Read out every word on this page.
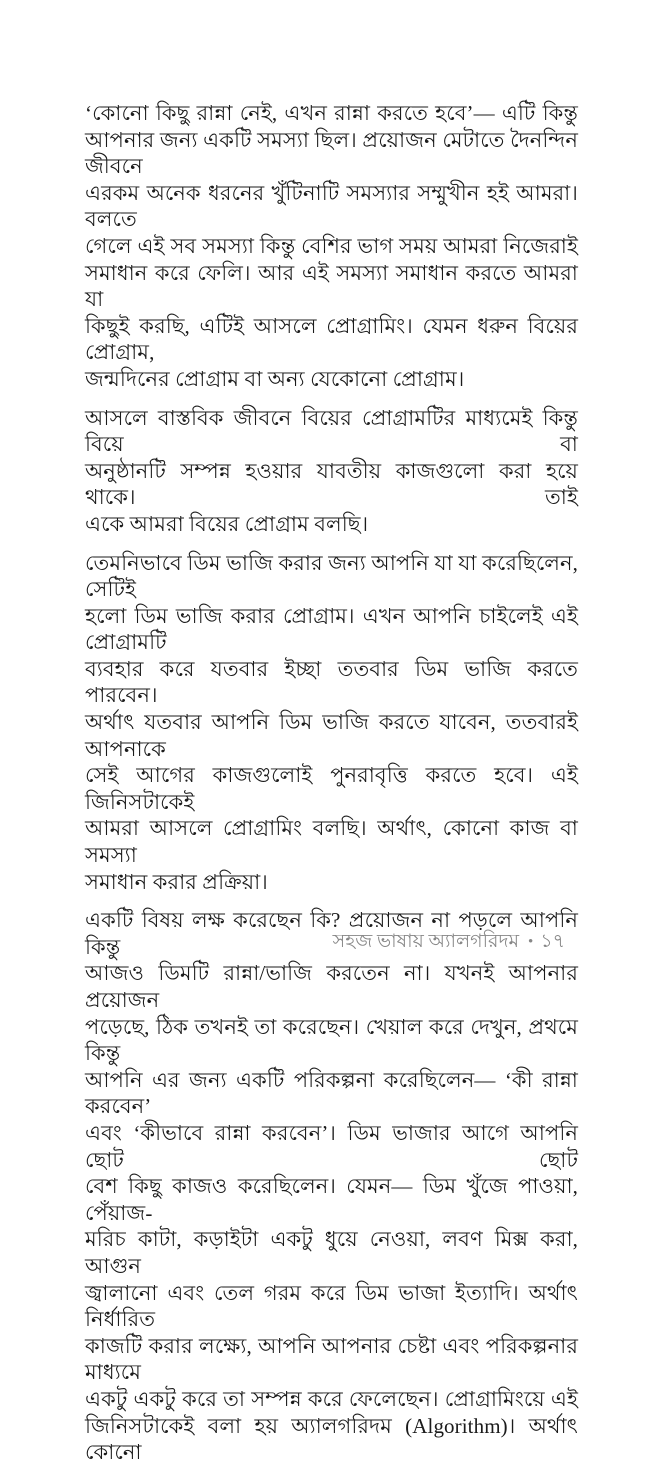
‘কোনো কিছু রান্না নেই, এখন রান্না করতে হবে’— এটি কিন্তু
আপনার জন্য একটি সমস্যা ছিল। প্রয়োজন মেটাতে দৈনন্দিন জীবনে
এরকম অনেক ধরনের খুঁটিনাটি সমস্যার সম্মুখীন হই আমরা। বলতে
গেলে এই সব সমস্যা কিন্তু বেশির ভাগ সময় আমরা নিজেরাই
সমাধান করে ফেলি। আর এই সমস্যা সমাধান করতে আমরা যা
কিছুই করছি, এটিই আসলে প্রোগ্রামিং। যেমন ধরুন বিয়ের প্রোগ্রাম,
জন্মদিনের প্রোগ্রাম বা অন্য যেকোনো প্রোগ্রাম।

আসলে বাস্তবিক জীবনে বিয়ের প্রোগ্রামটির মাধ্যমেই কিন্তু বিয়ে বা
অনুষ্ঠানটি সম্পন্ন হওয়ার যাবতীয় কাজগুলো করা হয়ে থাকে। তাই
একে আমরা বিয়ের প্রোগ্রাম বলছি।

তেমনিভাবে ডিম ভাজি করার জন্য আপনি যা যা করেছিলেন, সেটিই
হলো ডিম ভাজি করার প্রোগ্রাম। এখন আপনি চাইলেই এই প্রোগ্রামটি
ব্যবহার করে যতবার ইচ্ছা ততবার ডিম ভাজি করতে পারবেন।
অর্থাৎ যতবার আপনি ডিম ভাজি করতে যাবেন, ততবারই আপনাকে
সেই আগের কাজগুলোই পুনরাবৃত্তি করতে হবে। এই জিনিসটাকেই
আমরা আসলে প্রোগ্রামিং বলছি। অর্থাৎ, কোনো কাজ বা সমস্যা
সমাধান করার প্রক্রিয়া।

একটি বিষয় লক্ষ করেছেন কি? প্রয়োজন না পড়লে আপনি কিন্তু
আজও ডিমটি রান্না/ভাজি করতেন না। যখনই আপনার প্রয়োজন
পড়েছে, ঠিক তখনই তা করেছেন। খেয়াল করে দেখুন, প্রথমে কিন্তু
আপনি এর জন্য একটি পরিকল্পনা করেছিলেন— ‘কী রান্না করবেন’
এবং ‘কীভাবে রান্না করবেন’। ডিম ভাজার আগে আপনি ছোট ছোট
বেশ কিছু কাজও করেছিলেন। যেমন— ডিম খুঁজে পাওয়া, পেঁয়াজ-
মরিচ কাটা, কড়াইটা একটু ধুয়ে নেওয়া, লবণ মিক্স করা, আগুন
জ্বালানো এবং তেল গরম করে ডিম ভাজা ইত্যাদি। অর্থাৎ নির্ধারিত
কাজটি করার লক্ষ্যে, আপনি আপনার চেষ্টা এবং পরিকল্পনার মাধ্যমে
একটু একটু করে তা সম্পন্ন করে ফেলেছেন। প্রোগ্রামিংয়ে এই
জিনিসটাকেই বলা হয় অ্যালগরিদম (Algorithm)। অর্থাৎ কোনো

সহজ ভাষায় অ্যালগরিদম • ১৭
